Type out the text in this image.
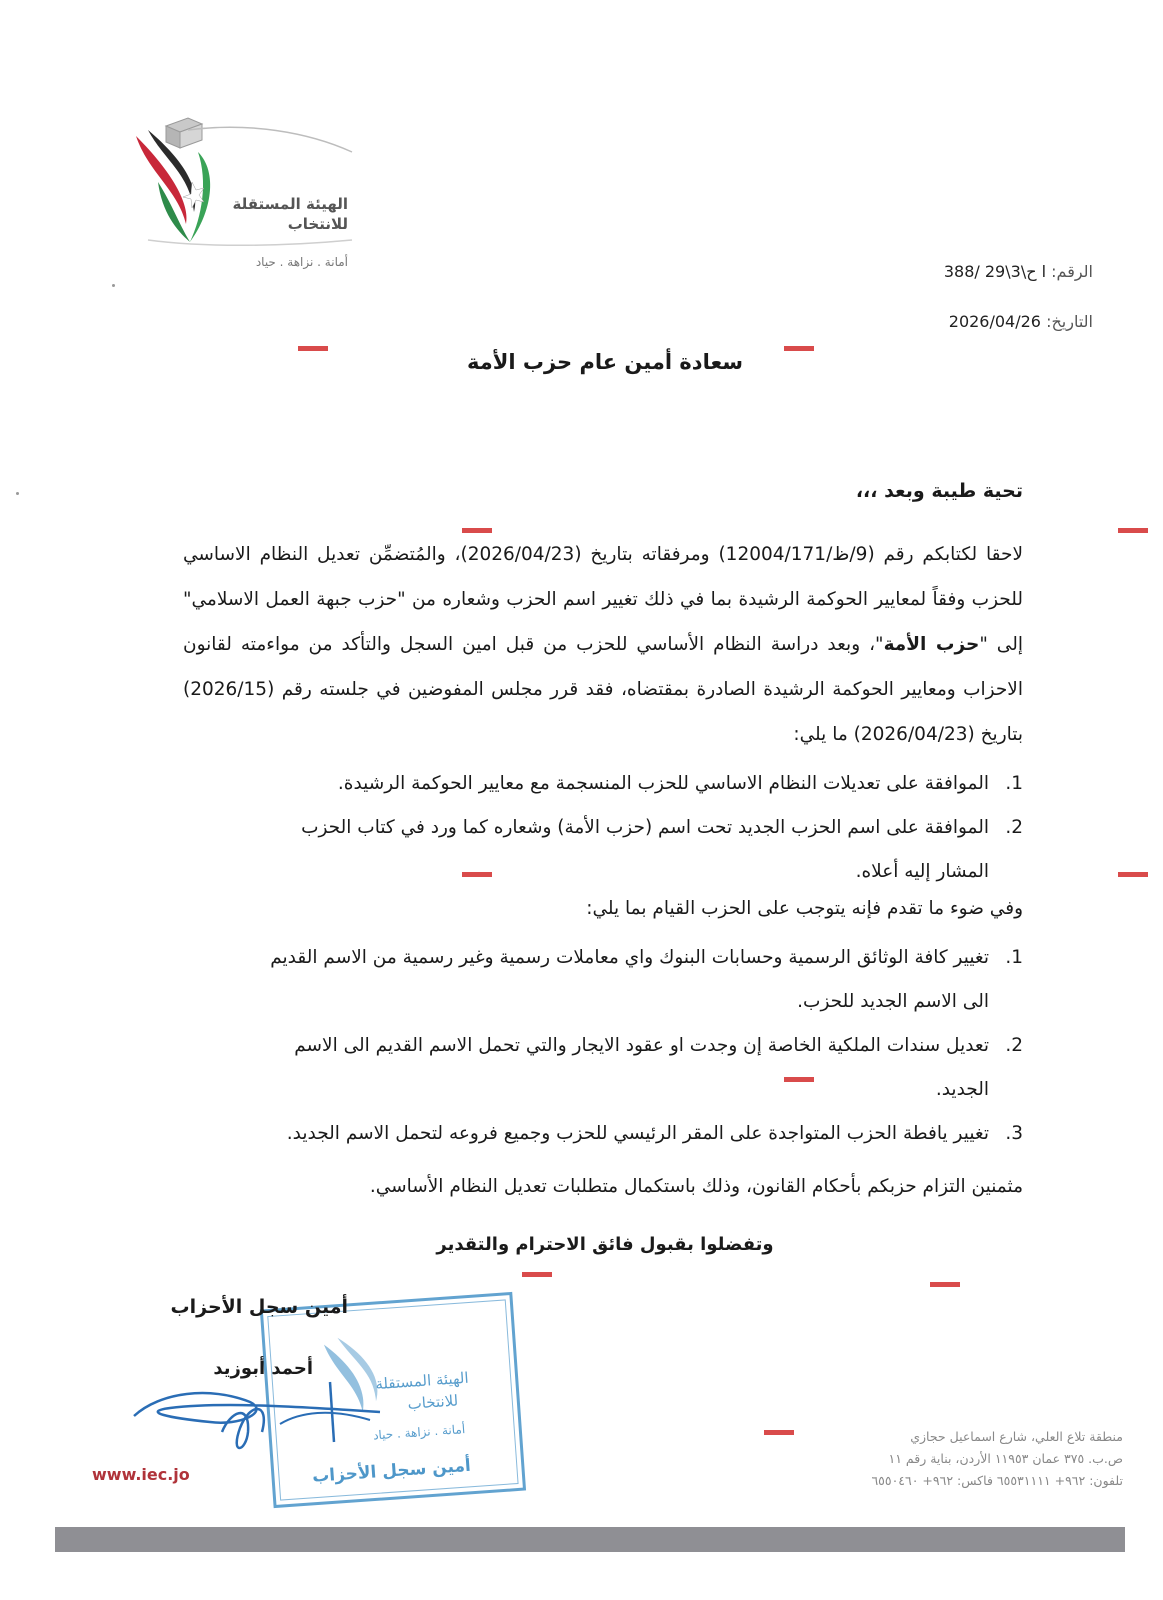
الهيئة المستقلة
للانتخاب
أمانة . نزاهة . حياد	الرقم: ا ح\3\29 /388
التاريخ: 2026/04/26
سعادة أمين عام حزب الأمة
تحية طيبة وبعد ،،،
لاحقا لكتابكم رقم (9/ظ/12004/171) ومرفقاته بتاريخ (2026/04/23)، والمُتضمِّن تعديل النظام الاساسي للحزب وفقاً لمعايير الحوكمة الرشيدة بما في ذلك تغيير اسم الحزب وشعاره من "حزب جبهة العمل الاسلامي" إلى "حزب الأمة"، وبعد دراسة النظام الأساسي للحزب من قبل امين السجل والتأكد من مواءمته لقانون الاحزاب ومعايير الحوكمة الرشيدة الصادرة بمقتضاه، فقد قرر مجلس المفوضين في جلسته رقم (2026/15) بتاريخ (2026/04/23) ما يلي:
1.
الموافقة على تعديلات النظام الاساسي للحزب المنسجمة مع معايير الحوكمة الرشيدة.
2.
الموافقة على اسم الحزب الجديد تحت اسم (حزب الأمة) وشعاره كما ورد في كتاب الحزب
المشار إليه أعلاه.
وفي ضوء ما تقدم فإنه يتوجب على الحزب القيام بما يلي:
1.
تغيير كافة الوثائق الرسمية وحسابات البنوك واي معاملات رسمية وغير رسمية من الاسم القديم
الى الاسم الجديد للحزب.
2.
تعديل سندات الملكية الخاصة إن وجدت او عقود الايجار والتي تحمل الاسم القديم الى الاسم
الجديد.
3.
تغيير يافطة الحزب المتواجدة على المقر الرئيسي للحزب وجميع فروعه لتحمل الاسم الجديد.
مثمنين التزام حزبكم بأحكام القانون، وذلك باستكمال متطلبات تعديل النظام الأساسي.
وتفضلوا بقبول فائق الاحترام والتقدير
الهيئة المستقلة
للانتخاب
أمانة . نزاهة . حياد
أمين سجل الأحزاب
أمين سجل الأحزاب
أحمد أبوزيد
منطقة تلاع العلي، شارع اسماعيل حجازي
ص.ب. ٣٧٥ عمان ١١٩٥٣ الأردن، بناية رقم ١١
تلفون: ٩٦٢+ ٦٥٥٣١١١١ فاكس: ٩٦٢+ ٦٥٥٠٤٦٠
www.iec.jo
